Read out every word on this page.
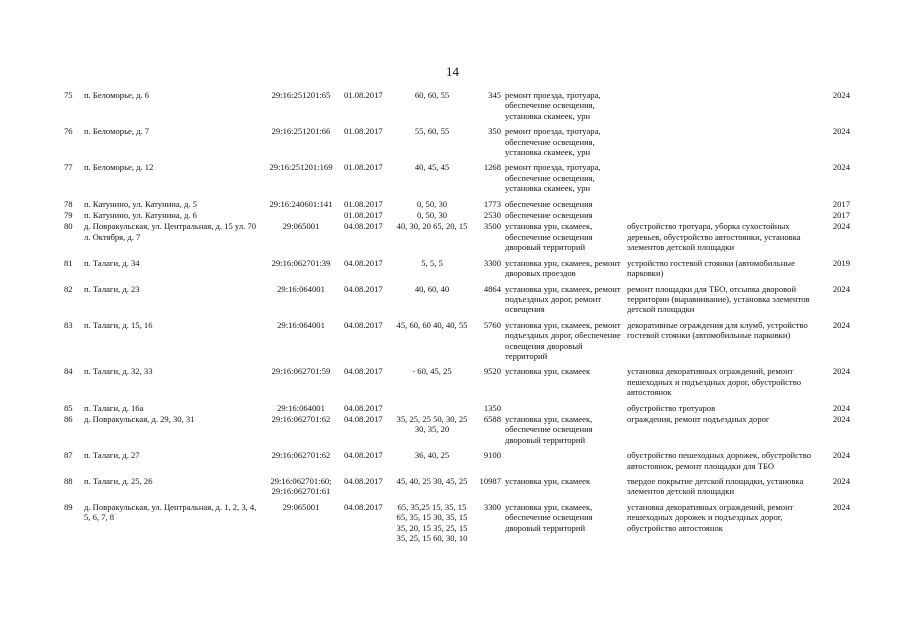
14
75	п. Беломорье, д. 6	29:16:251201:65	01.08.2017	60, 60, 55	345	ремонт проезда, тротуара, обеспечение освещения, установка скамеек, урн		2024
76	п. Беломорье, д. 7	29:16:251201:66	01.08.2017	55, 60, 55	350	ремонт проезда, тротуара, обеспечение освещения, установка скамеек, урн		2024
77	п. Беломорье, д. 12	29:16:251201:169	01.08.2017	40, 45, 45	1268	ремонт проезда, тротуара, обеспечение освещения, установка скамеек, урн		2024
78	п. Катунино, ул. Катунина, д. 5	29:16:240601:141	01.08.2017	0, 50, 30	1773	обеспечение освещения		2017
79	п. Катунино, ул. Катунина, д. 6		01.08.2017	0, 50, 30	2530	обеспечение освещения		2017
80	д. Повракульская, ул. Центральная, д. 15 ул. 70 л. Октября, д. 7	29:065001	04.08.2017	40, 30, 20 65, 20, 15	3500	установка урн, скамеек, обеспечение освещения дворовый территорий	обустройство тротуара, уборка сухостойных деревьев, обустройство автостоянки, установка элементов детской площадки	2024
81	п. Талаги, д. 34	29:16:062701:39	04.08.2017	5, 5, 5	3300	установка урн, скамеек, ремонт дворовых проездов	устройство гостевой стоянки (автомобильные парковки)	2019
82	п. Талаги, д. 23	29:16:064001	04.08.2017	40, 60, 40	4864	установка урн, скамеек, ремонт подъездных дорог, ремонт освещения	ремонт площадки для ТБО, отсыпка дворовой территории (выравнивание), установка элементов детской площадки	2024
83	п. Талаги, д. 15, 16	29:16:064001	04.08.2017	45, 60, 60 40, 40, 55	5760	установка урн, скамеек, ремонт подъездных дорог, обеспечение освещения дворовый территорий	декоративные ограждения для клумб, устройство гостевой стоянки (автомобильные парковки)	2024
84	п. Талаги, д. 32, 33	29:16:062701:59	04.08.2017	- 60, 45, 25	9520	установка урн, скамеек	установка декоративных ограждений, ремонт пешеходных и подъездных дорог, обустройство автостоянок	2024
85	п. Талаги, д. 16а	29:16:064001	04.08.2017		1350		обустройство тротуаров	2024
86	д. Повракульская, д. 29, 30, 31	29:16:062701:62	04.08.2017	35, 25, 25 50, 30, 25 30, 35, 20	6588	установка урн, скамеек, обеспечение освещения дворовый территорий	ограждения, ремонт подъездных дорог	2024
87	п. Талаги, д. 27	29:16:062701:62	04.08.2017	36, 40, 25	9100		обустройство пешеходных дорожек, обустройство автостоянок, ремонт площадки для ТБО	2024
88	п. Талаги, д. 25, 26	29:16:062701:60; 29:16:062701:61	04.08.2017	45, 40, 25 30, 45, 25	10987	установка урн, скамеек	твердое покрытие детской площадки, установка элементов детской площадки	2024
89	д. Повракульская, ул. Центральная, д. 1, 2, 3, 4, 5, 6, 7, 8	29:065001	04.08.2017	65, 35,25 15, 35, 15 65, 35, 15 30, 35, 15 35, 20, 15 35, 25, 15 35, 25, 15 60, 30, 10	3300	установка урн, скамеек, обеспечение освещения дворовый территорий	установка декоративных ограждений, ремонт пешеходных дорожек и подъездных дорог, обустройство автостоянок	2024
